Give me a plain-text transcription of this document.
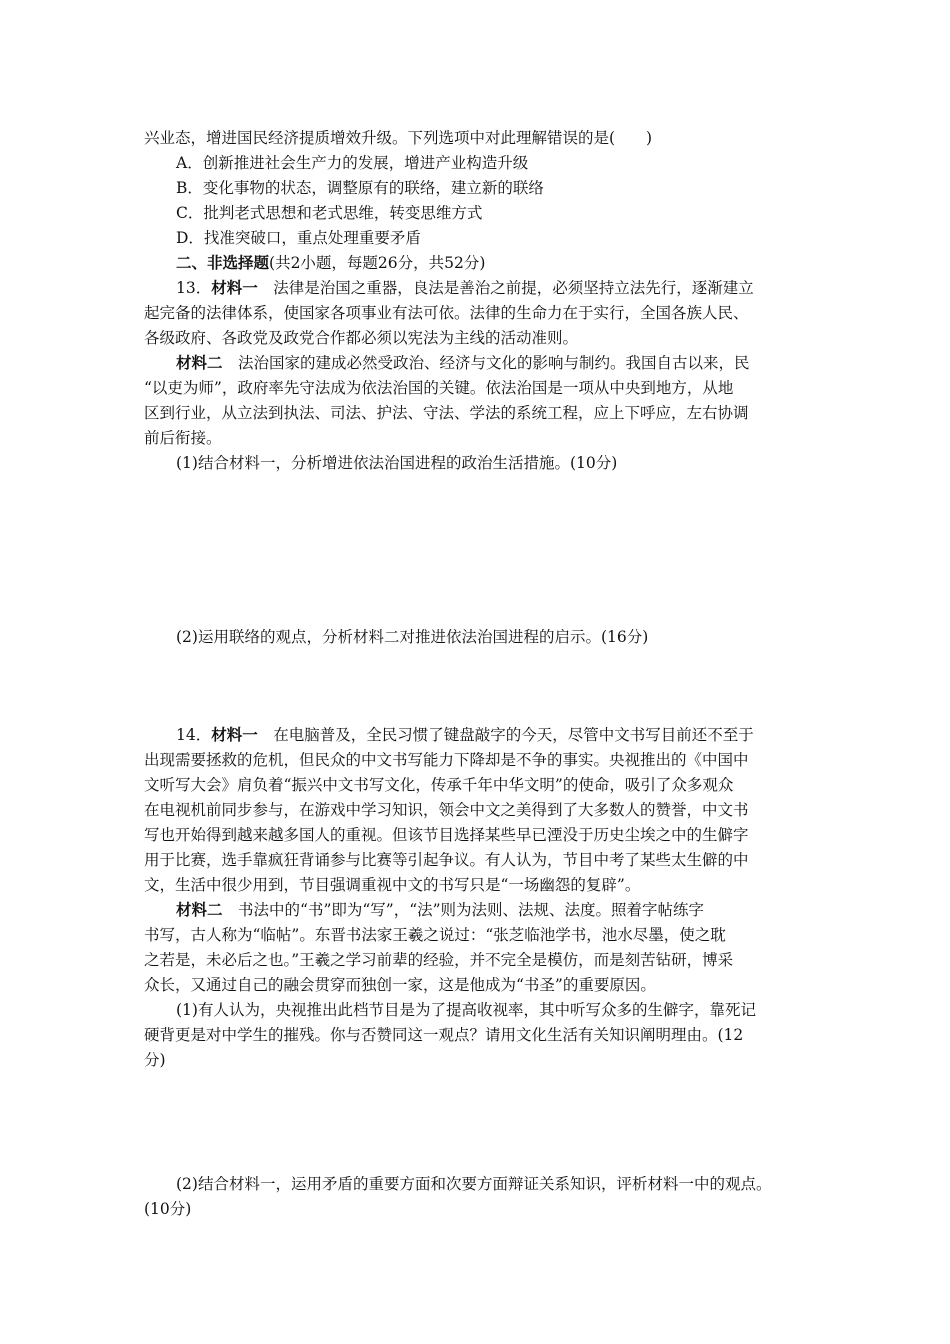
兴业态，增进国民经济提质增效升级。下列选项中对此理解错误的是(　　)
A．创新推进社会生产力的发展，增进产业构造升级
B．变化事物的状态，调整原有的联络，建立新的联络
C．批判老式思想和老式思维，转变思维方式
D．找准突破口，重点处理重要矛盾
二、非选择题(共2小题，每题26分，共52分)
13．材料一　法律是治国之重器，良法是善治之前提，必须坚持立法先行，逐渐建立
起完备的法律体系，使国家各项事业有法可依。法律的生命力在于实行，全国各族人民、
各级政府、各政党及政党合作都必须以宪法为主线的活动准则。
材料二　法治国家的建成必然受政治、经济与文化的影响与制约。我国自古以来，民
“以吏为师”，政府率先守法成为依法治国的关键。依法治国是一项从中央到地方，从地
区到行业，从立法到执法、司法、护法、守法、学法的系统工程，应上下呼应，左右协调
前后衔接。
(1)结合材料一，分析增进依法治国进程的政治生活措施。(10分)
(2)运用联络的观点，分析材料二对推进依法治国进程的启示。(16分)
14．材料一　在电脑普及，全民习惯了键盘敲字的今天，尽管中文书写目前还不至于
出现需要拯救的危机，但民众的中文书写能力下降却是不争的事实。央视推出的《中国中
文听写大会》肩负着“振兴中文书写文化，传承千年中华文明”的使命，吸引了众多观众
在电视机前同步参与，在游戏中学习知识，领会中文之美得到了大多数人的赞誉，中文书
写也开始得到越来越多国人的重视。但该节目选择某些早已湮没于历史尘埃之中的生僻字
用于比赛，选手靠疯狂背诵参与比赛等引起争议。有人认为，节目中考了某些太生僻的中
文，生活中很少用到，节目强调重视中文的书写只是“一场幽怨的复辟”。
材料二　书法中的“书”即为“写”，“法”则为法则、法规、法度。照着字帖练字
书写，古人称为“临帖”。东晋书法家王羲之说过：“张芝临池学书，池水尽墨，使之耽
之若是，未必后之也。”王羲之学习前辈的经验，并不完全是模仿，而是刻苦钻研，博采
众长，又通过自己的融会贯穿而独创一家，这是他成为“书圣”的重要原因。
(1)有人认为，央视推出此档节目是为了提高收视率，其中听写众多的生僻字，靠死记
硬背更是对中学生的摧残。你与否赞同这一观点？请用文化生活有关知识阐明理由。(12
分)
(2)结合材料一，运用矛盾的重要方面和次要方面辩证关系知识，评析材料一中的观点。
(10分)
